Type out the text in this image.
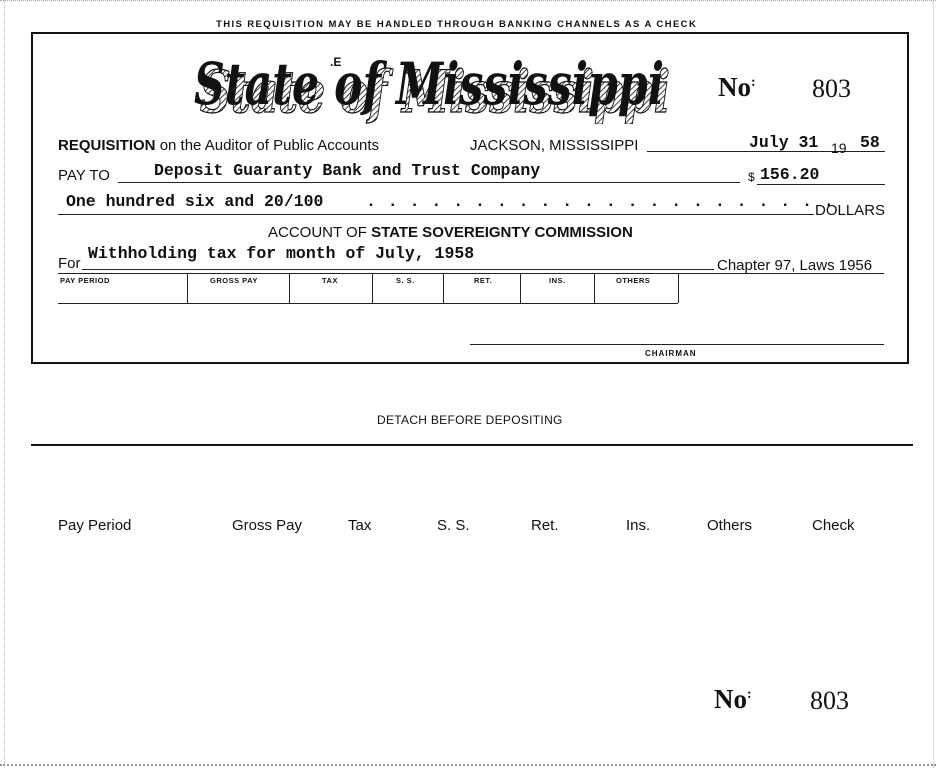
THIS REQUISITION MAY BE HANDLED THROUGH BANKING CHANNELS AS A CHECK
State of Mississippi
State of Mississippi
.E
No: 803
REQUISITION on the Auditor of Public Accounts	JACKSON, MISSISSIPPI	July 31 19 58
PAY TO	Deposit Guaranty Bank and Trust Company	$ 156.20
One hundred six and 20/100	. . . . . . . . . . . . . . . . . . . . . .
DOLLARS
ACCOUNT OF STATE SOVEREIGNTY COMMISSION
For
Withholding tax for month of July, 1958
Chapter 97, Laws 1956
PAY PERIOD	GROSS PAY	TAX	S. S.	RET.	INS.	OTHERS
CHAIRMAN
DETACH BEFORE DEPOSITING
Pay Period	Gross Pay	Tax	S. S.	Ret.	Ins.	Others	Check
No: 803
